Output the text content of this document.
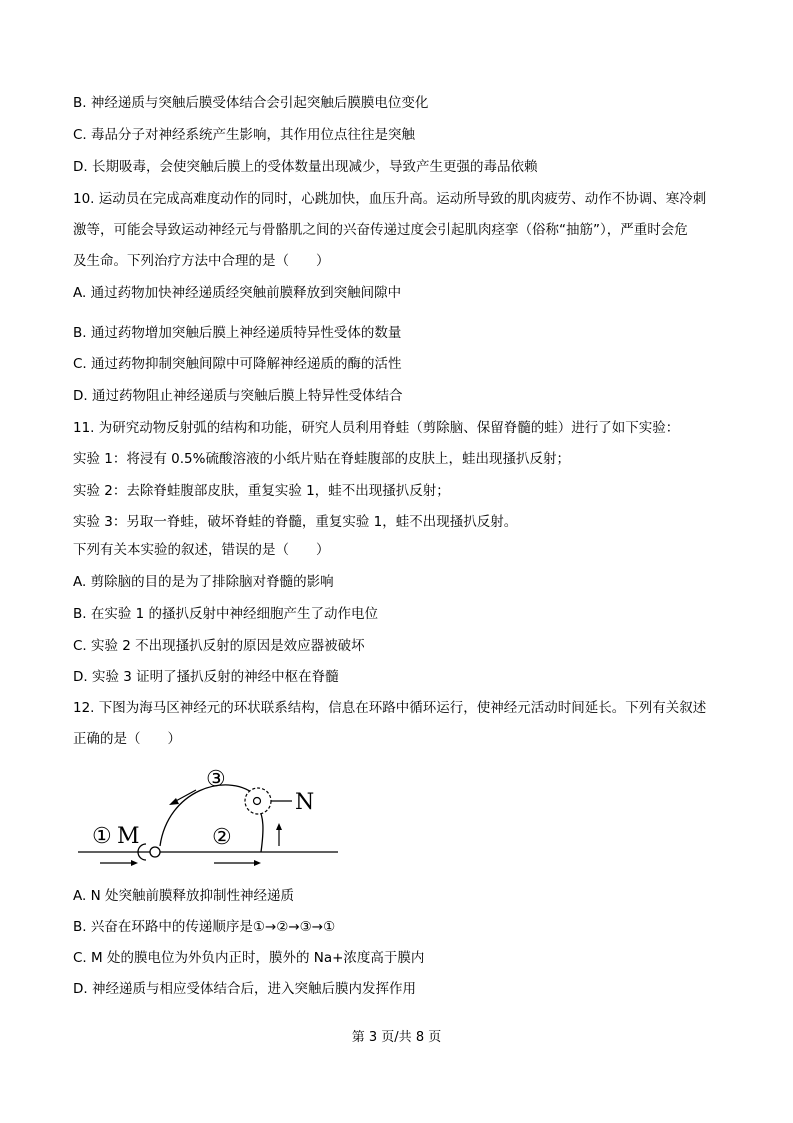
B. 神经递质与突触后膜受体结合会引起突触后膜膜电位变化
C. 毒品分子对神经系统产生影响，其作用位点往往是突触
D. 长期吸毒，会使突触后膜上的受体数量出现减少，导致产生更强的毒品依赖
10. 运动员在完成高难度动作的同时，心跳加快，血压升高。运动所导致的肌肉疲劳、动作不协调、寒冷刺
激等，可能会导致运动神经元与骨骼肌之间的兴奋传递过度会引起肌肉痉挛（俗称“抽筋”），严重时会危
及生命。下列治疗方法中合理的是（　　）
A. 通过药物加快神经递质经突触前膜释放到突触间隙中
B. 通过药物增加突触后膜上神经递质特异性受体的数量
C. 通过药物抑制突触间隙中可降解神经递质的酶的活性
D. 通过药物阻止神经递质与突触后膜上特异性受体结合
11. 为研究动物反射弧的结构和功能，研究人员利用脊蛙（剪除脑、保留脊髓的蛙）进行了如下实验：
实验 1：将浸有 0.5%硫酸溶液的小纸片贴在脊蛙腹部的皮肤上，蛙出现搔扒反射；
实验 2：去除脊蛙腹部皮肤，重复实验 1，蛙不出现搔扒反射；
实验 3：另取一脊蛙，破坏脊蛙的脊髓，重复实验 1，蛙不出现搔扒反射。
下列有关本实验的叙述，错误的是（　　）
A. 剪除脑的目的是为了排除脑对脊髓的影响
B. 在实验 1 的搔扒反射中神经细胞产生了动作电位
C. 实验 2 不出现搔扒反射的原因是效应器被破坏
D. 实验 3 证明了搔扒反射的神经中枢在脊髓
12. 下图为海马区神经元的环状联系结构，信息在环路中循环运行，使神经元活动时间延长。下列有关叙述
正确的是（　　）
① M	②
③
N
A. N 处突触前膜释放抑制性神经递质
B. 兴奋在环路中的传递顺序是①→②→③→①
C. M 处的膜电位为外负内正时，膜外的 Na+浓度高于膜内
D. 神经递质与相应受体结合后，进入突触后膜内发挥作用
第 3 页/共 8 页
